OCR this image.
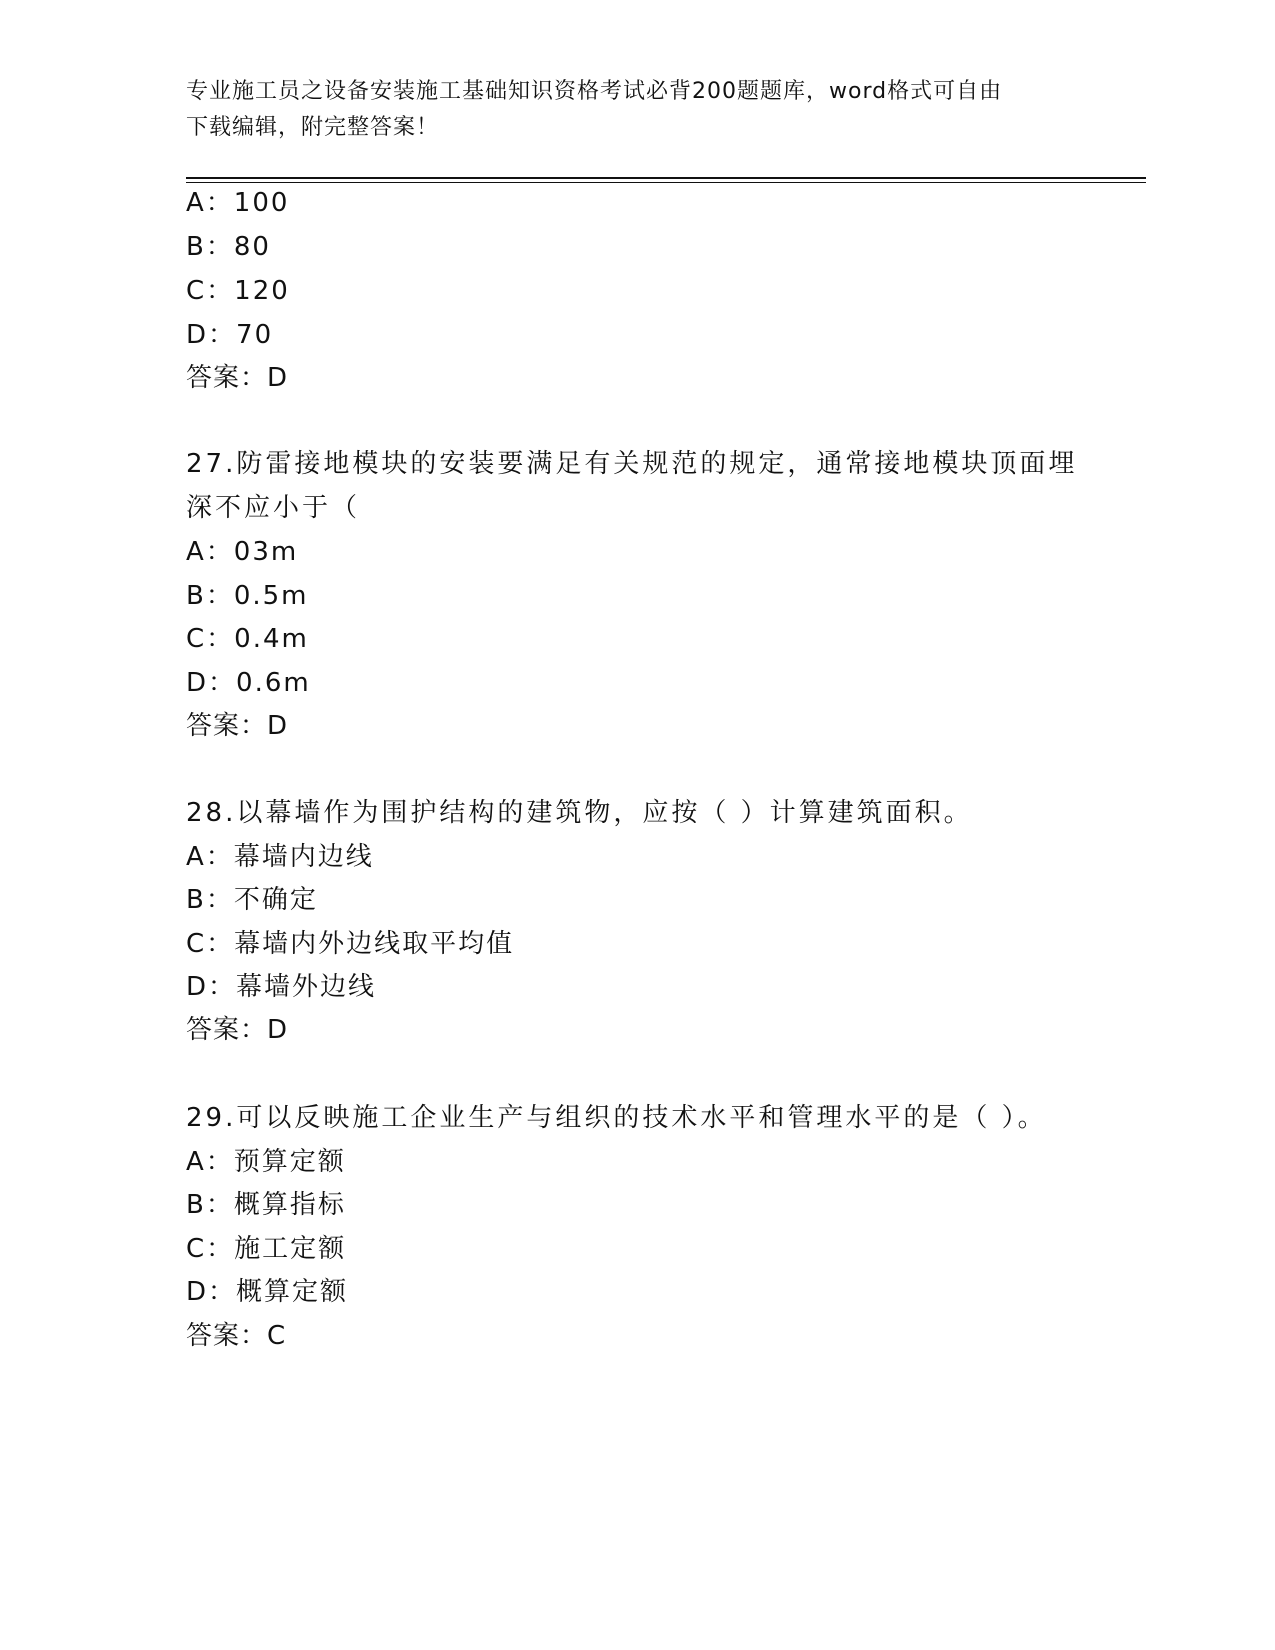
专业施工员之设备安装施工基础知识资格考试必背200题题库，word格式可自由
下载编辑，附完整答案！
A：100
B：80
C：120
D：70
答案：D
27.防雷接地模块的安装要满足有关规范的规定，通常接地模块顶面埋
深不应小于（
A：03m
B：0.5m
C：0.4m
D：0.6m
答案：D
28.以幕墙作为围护结构的建筑物，应按（ ）计算建筑面积。
A：幕墙内边线
B：不确定
C：幕墙内外边线取平均值
D：幕墙外边线
答案：D
29.可以反映施工企业生产与组织的技术水平和管理水平的是（ ）。
A：预算定额
B：概算指标
C：施工定额
D：概算定额
答案：C
